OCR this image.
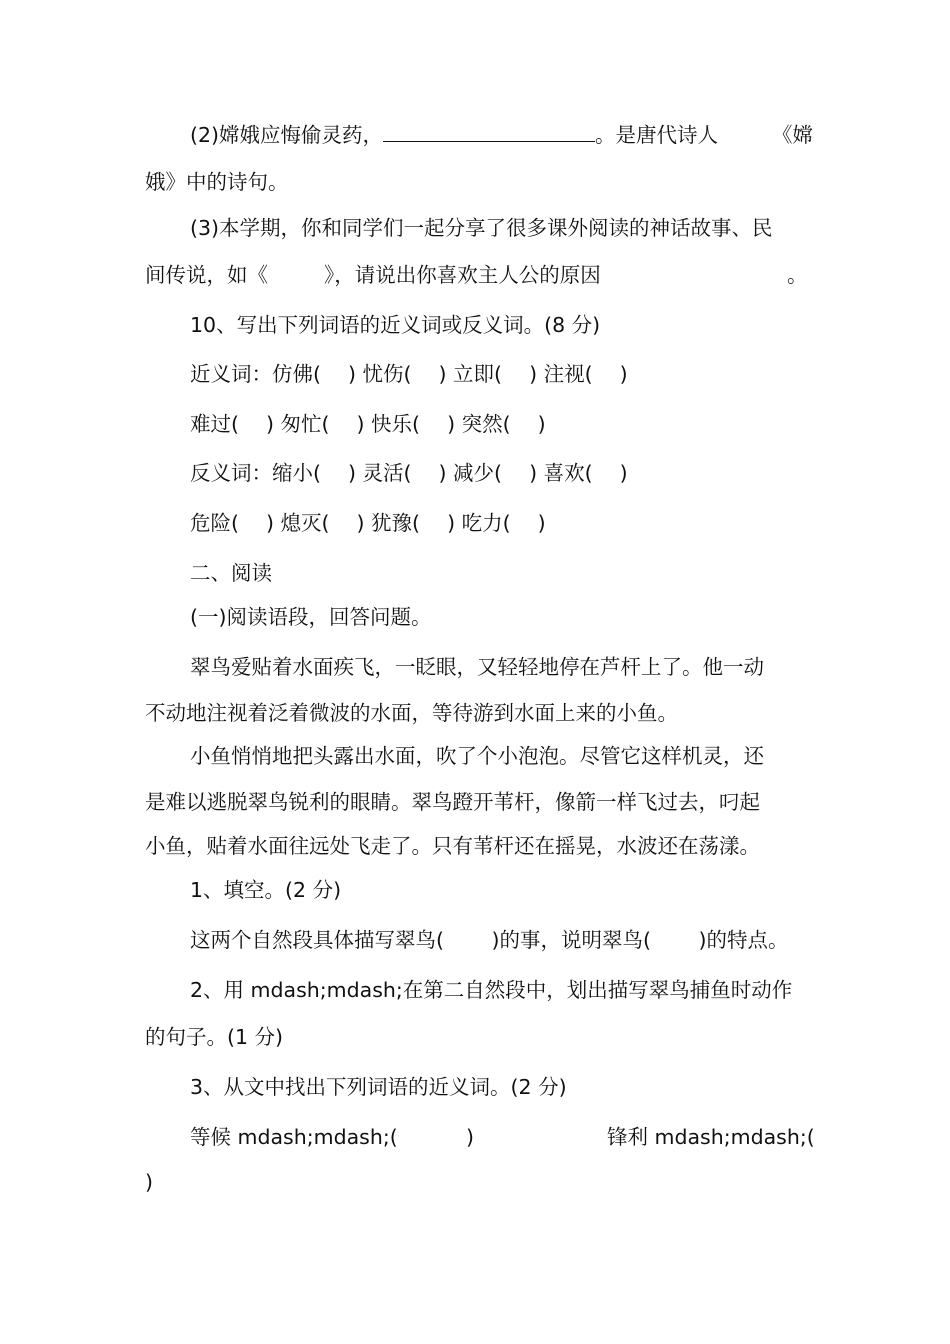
(2)嫦娥应悔偷灵药，	。是唐代诗人	《嫦
娥》中的诗句。
(3)本学期，你和同学们一起分享了很多课外阅读的神话故事、民
间传说，如《	》，请说出你喜欢主人公的原因	。
10、写出下列词语的近义词或反义词。(8 分)
近义词：仿佛(　 ) 忧伤(　 ) 立即(　 ) 注视(　 )
难过(　 ) 匆忙(　 ) 快乐(　 ) 突然(　 )
反义词：缩小(　 ) 灵活(　 ) 减少(　 ) 喜欢(　 )
危险(　 ) 熄灭(　 ) 犹豫(　 ) 吃力(　 )
二、阅读
(一)阅读语段，回答问题。
翠鸟爱贴着水面疾飞，一眨眼，又轻轻地停在芦杆上了。他一动
不动地注视着泛着微波的水面，等待游到水面上来的小鱼。
小鱼悄悄地把头露出水面，吹了个小泡泡。尽管它这样机灵，还
是难以逃脱翠鸟锐利的眼睛。翠鸟蹬开苇杆，像箭一样飞过去，叼起
小鱼，贴着水面往远处飞走了。只有苇杆还在摇晃，水波还在荡漾。
1、填空。(2 分)
这两个自然段具体描写翠鸟(　　 )的事，说明翠鸟(　　 )的特点。
2、用 mdash;mdash;在第二自然段中，划出描写翠鸟捕鱼时动作
的句子。(1 分)
3、从文中找出下列词语的近义词。(2 分)
等候 mdash;mdash;(	)	锋利 mdash;mdash;(
)
